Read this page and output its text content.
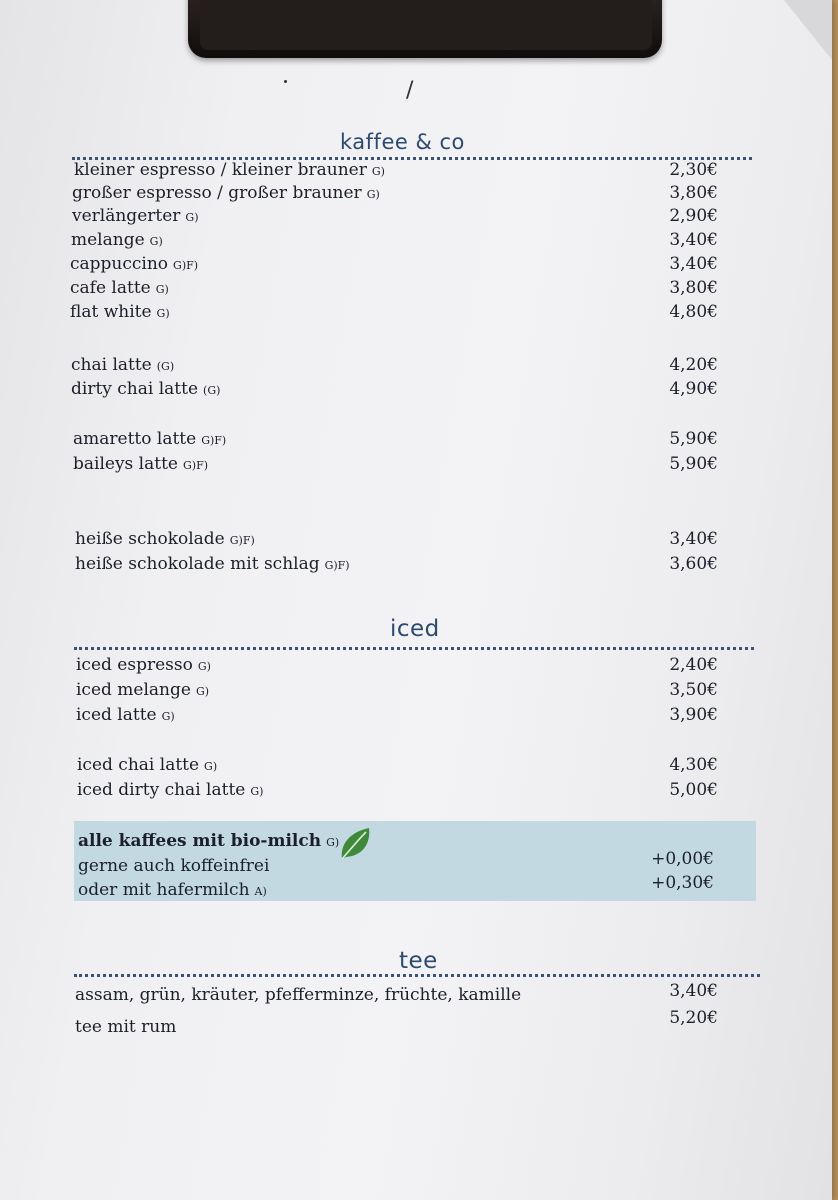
/
kaffee & co
kleiner espresso / kleiner brauner G)	2,30€
großer espresso / großer brauner G)	3,80€
verlängerter G)	2,90€
melange G)	3,40€
cappuccino G)F)	3,40€
cafe latte G)	3,80€
flat white G)	4,80€
chai latte (G)	4,20€
dirty chai latte (G)	4,90€
amaretto latte G)F)	5,90€
baileys latte G)F)	5,90€
heiße schokolade G)F)	3,40€
heiße schokolade mit schlag G)F)	3,60€
iced
iced espresso G)	2,40€
iced melange G)	3,50€
iced latte G)	3,90€
iced chai latte G)	4,30€
iced dirty chai latte G)	5,00€
alle kaffees mit bio-milch G)
gerne auch koffeinfrei	+0,00€
oder mit hafermilch A)	+0,30€
tee
assam, grün, kräuter, pfefferminze, früchte, kamille	3,40€
tee mit rum	5,20€
